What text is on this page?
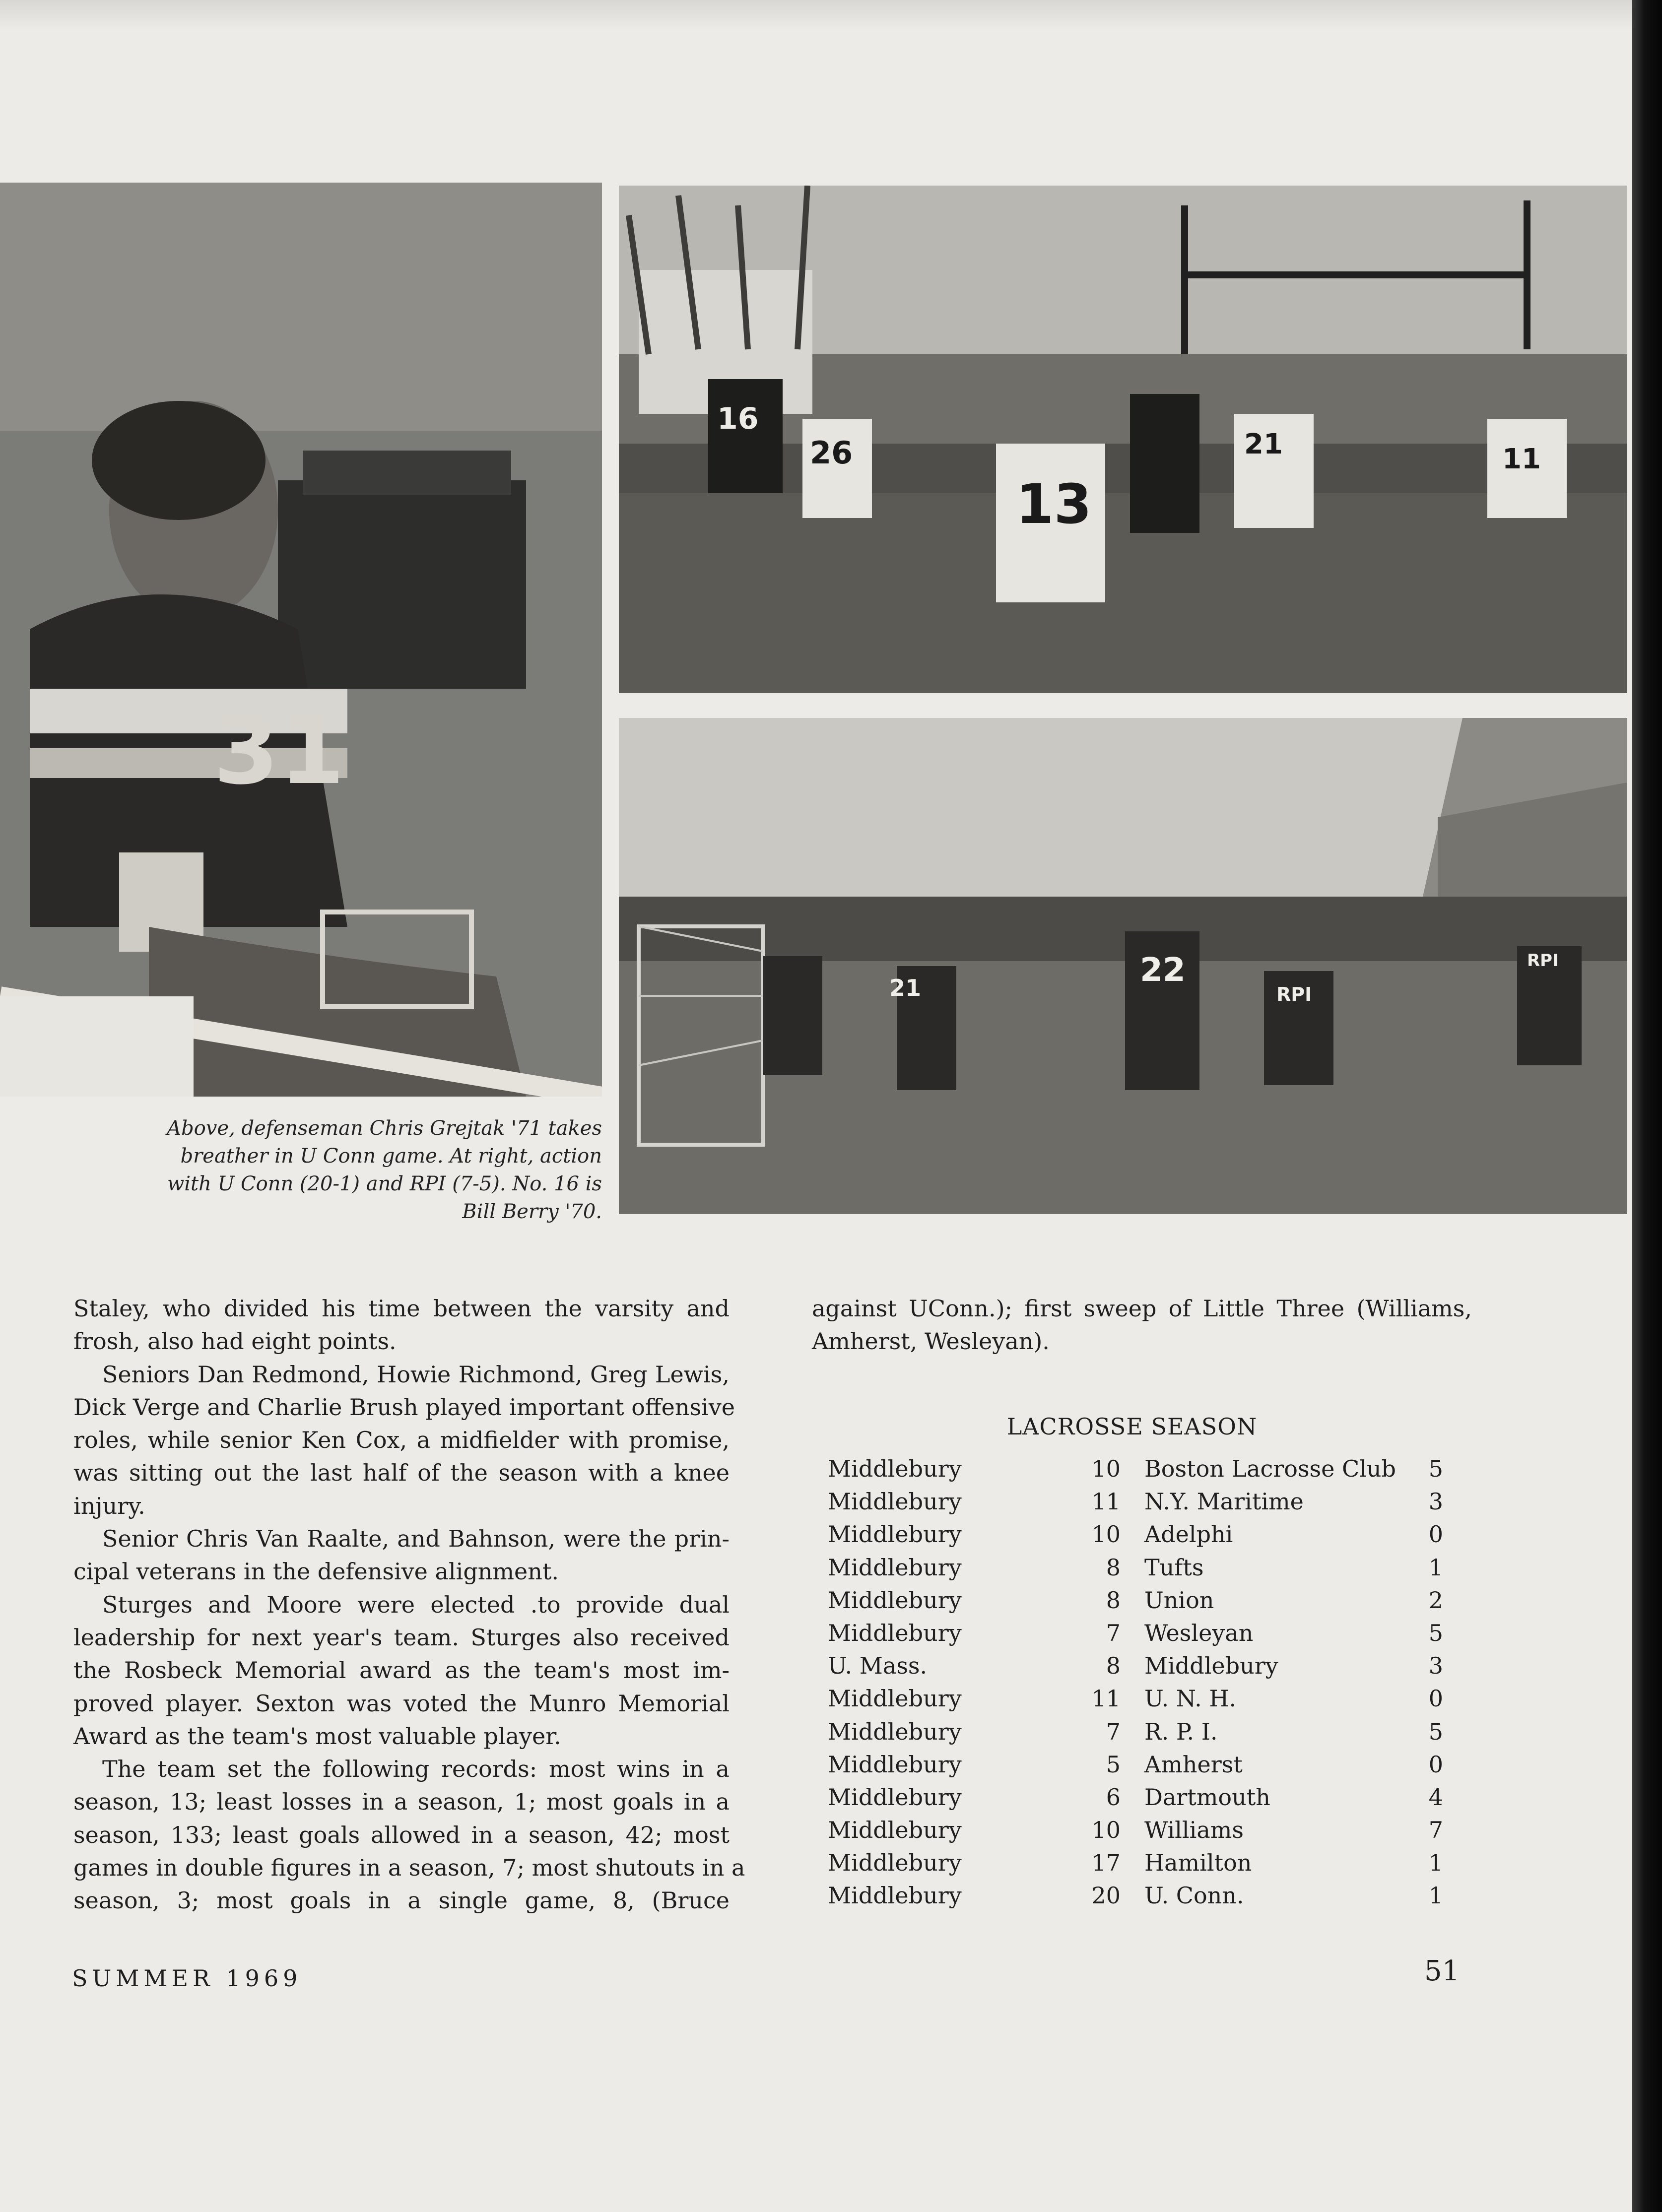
31
16
26
13
21	11
21	22
RPI
RPI
Above, defenseman Chris Grejtak '71 takes
breather in U Conn game. At right, action
with U Conn (20-1) and RPI (7-5). No. 16 is
Bill Berry '70.
Staley, who divided his time between the varsity and
frosh, also had eight points.
Seniors Dan Redmond, Howie Richmond, Greg Lewis,
Dick Verge and Charlie Brush played important offensive
roles, while senior Ken Cox, a midfielder with promise,
was sitting out the last half of the season with a knee
injury.
Senior Chris Van Raalte, and Bahnson, were the prin-
cipal veterans in the defensive alignment.
Sturges and Moore were elected .to provide dual
leadership for next year's team. Sturges also received
the Rosbeck Memorial award as the team's most im-
proved player. Sexton was voted the Munro Memorial
Award as the team's most valuable player.
The team set the following records: most wins in a
season, 13; least losses in a season, 1; most goals in a
season, 133; least goals allowed in a season, 42; most
games in double figures in a season, 7; most shutouts in a
season, 3; most goals in a single game, 8, (Bruce
against UConn.); first sweep of Little Three (Williams,
Amherst, Wesleyan).
LACROSSE SEASON
Middlebury	10 Boston Lacrosse Club	5
Middlebury	11 N.Y. Maritime	3
Middlebury	10 Adelphi	0
Middlebury	8 Tufts	1
Middlebury	8 Union	2
Middlebury	7 Wesleyan	5
U. Mass.	8 Middlebury	3
Middlebury	11 U. N. H.	0
Middlebury	7 R. P. I.	5
Middlebury	5 Amherst	0
Middlebury	6 Dartmouth	4
Middlebury	10 Williams	7
Middlebury	17 Hamilton	1
Middlebury	20 U. Conn.	1
SUMMER 1969	51
